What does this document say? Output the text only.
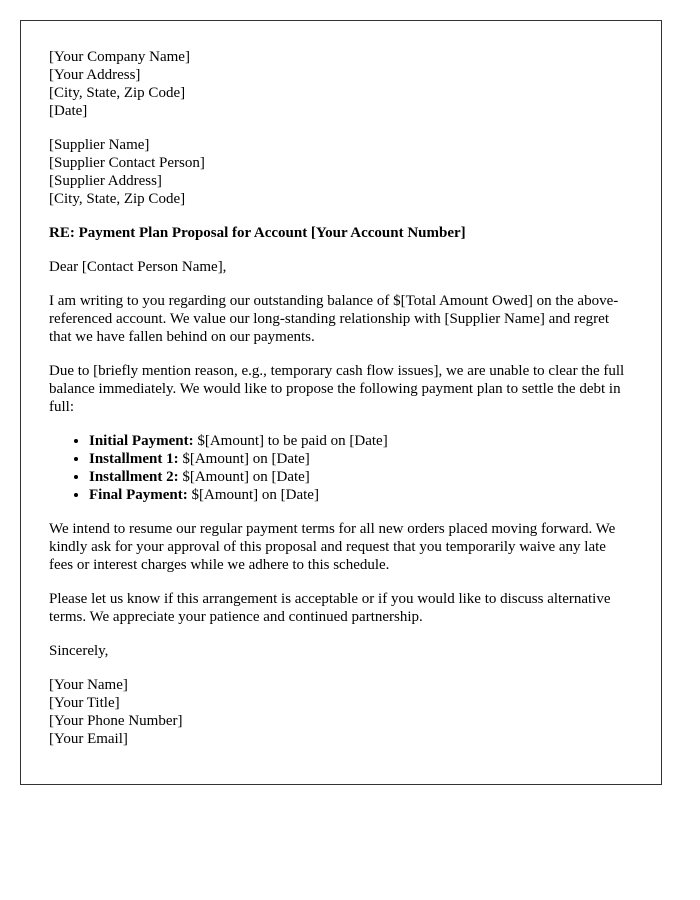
[Your Company Name]
[Your Address]
[City, State, Zip Code]
[Date]

[Supplier Name]
[Supplier Contact Person]
[Supplier Address]
[City, State, Zip Code]

RE: Payment Plan Proposal for Account [Your Account Number]

Dear [Contact Person Name],

I am writing to you regarding our outstanding balance of $[Total Amount Owed] on the above-referenced account. We value our long-standing relationship with [Supplier Name] and regret that we have fallen behind on our payments.

Due to [briefly mention reason, e.g., temporary cash flow issues], we are unable to clear the full balance immediately. We would like to propose the following payment plan to settle the debt in full:

• Initial Payment: $[Amount] to be paid on [Date]
• Installment 1: $[Amount] on [Date]
• Installment 2: $[Amount] on [Date]
• Final Payment: $[Amount] on [Date]

We intend to resume our regular payment terms for all new orders placed moving forward. We kindly ask for your approval of this proposal and request that you temporarily waive any late fees or interest charges while we adhere to this schedule.

Please let us know if this arrangement is acceptable or if you would like to discuss alternative terms. We appreciate your patience and continued partnership.

Sincerely,

[Your Name]
[Your Title]
[Your Phone Number]
[Your Email]
